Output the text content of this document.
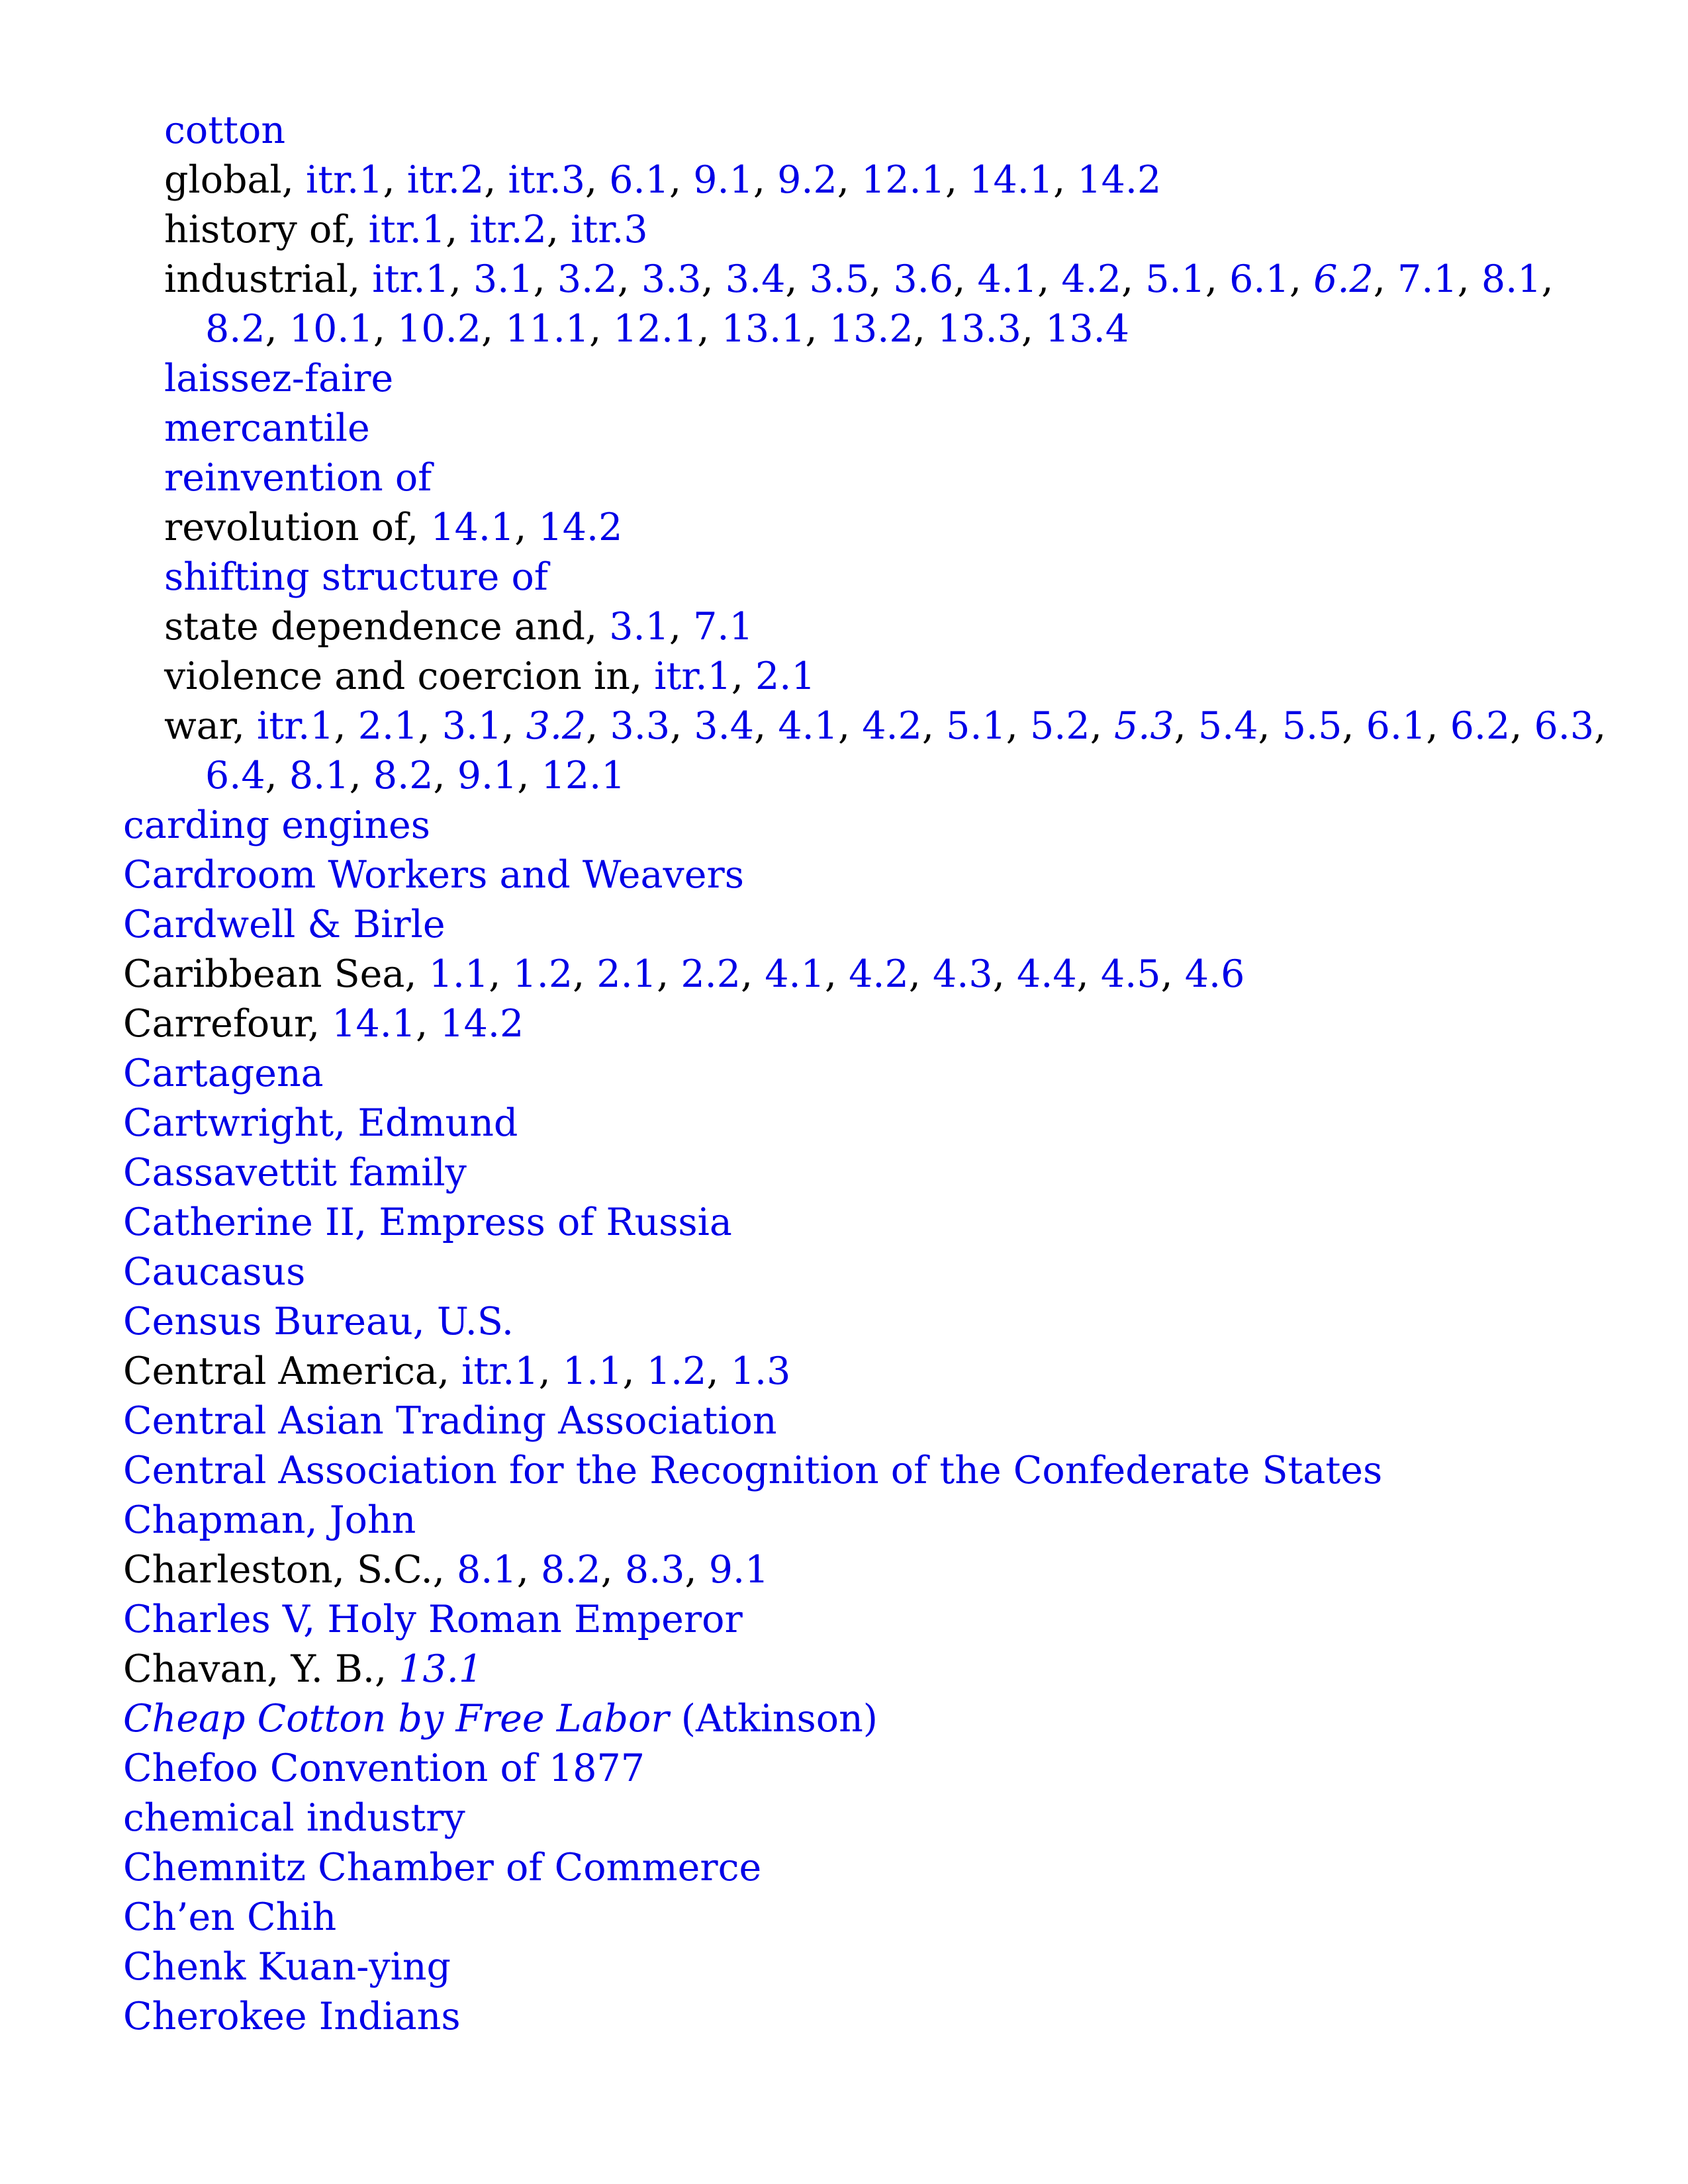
cotton

global, itr.1, itr.2, itr.3, 6.1, 9.1, 9.2, 12.1, 14.1, 14.2

history of, itr.1, itr.2, itr.3

industrial, itr.1, 3.1, 3.2, 3.3, 3.4, 3.5, 3.6, 4.1, 4.2, 5.1, 6.1, 6.2, 7.1, 8.1, 8.2, 10.1, 10.2, 11.1, 12.1, 13.1, 13.2, 13.3, 13.4

laissez-faire

mercantile

reinvention of

revolution of, 14.1, 14.2

shifting structure of

state dependence and, 3.1, 7.1

violence and coercion in, itr.1, 2.1

war, itr.1, 2.1, 3.1, 3.2, 3.3, 3.4, 4.1, 4.2, 5.1, 5.2, 5.3, 5.4, 5.5, 6.1, 6.2, 6.3, 6.4, 8.1, 8.2, 9.1, 12.1

carding engines

Cardroom Workers and Weavers

Cardwell & Birle

Caribbean Sea, 1.1, 1.2, 2.1, 2.2, 4.1, 4.2, 4.3, 4.4, 4.5, 4.6

Carrefour, 14.1, 14.2

Cartagena

Cartwright, Edmund

Cassavettit family

Catherine II, Empress of Russia

Caucasus

Census Bureau, U.S.

Central America, itr.1, 1.1, 1.2, 1.3

Central Asian Trading Association

Central Association for the Recognition of the Confederate States

Chapman, John

Charleston, S.C., 8.1, 8.2, 8.3, 9.1

Charles V, Holy Roman Emperor

Chavan, Y. B., 13.1

Cheap Cotton by Free Labor (Atkinson)

Chefoo Convention of 1877

chemical industry

Chemnitz Chamber of Commerce

Ch’en Chih

Chenk Kuan-ying

Cherokee Indians
